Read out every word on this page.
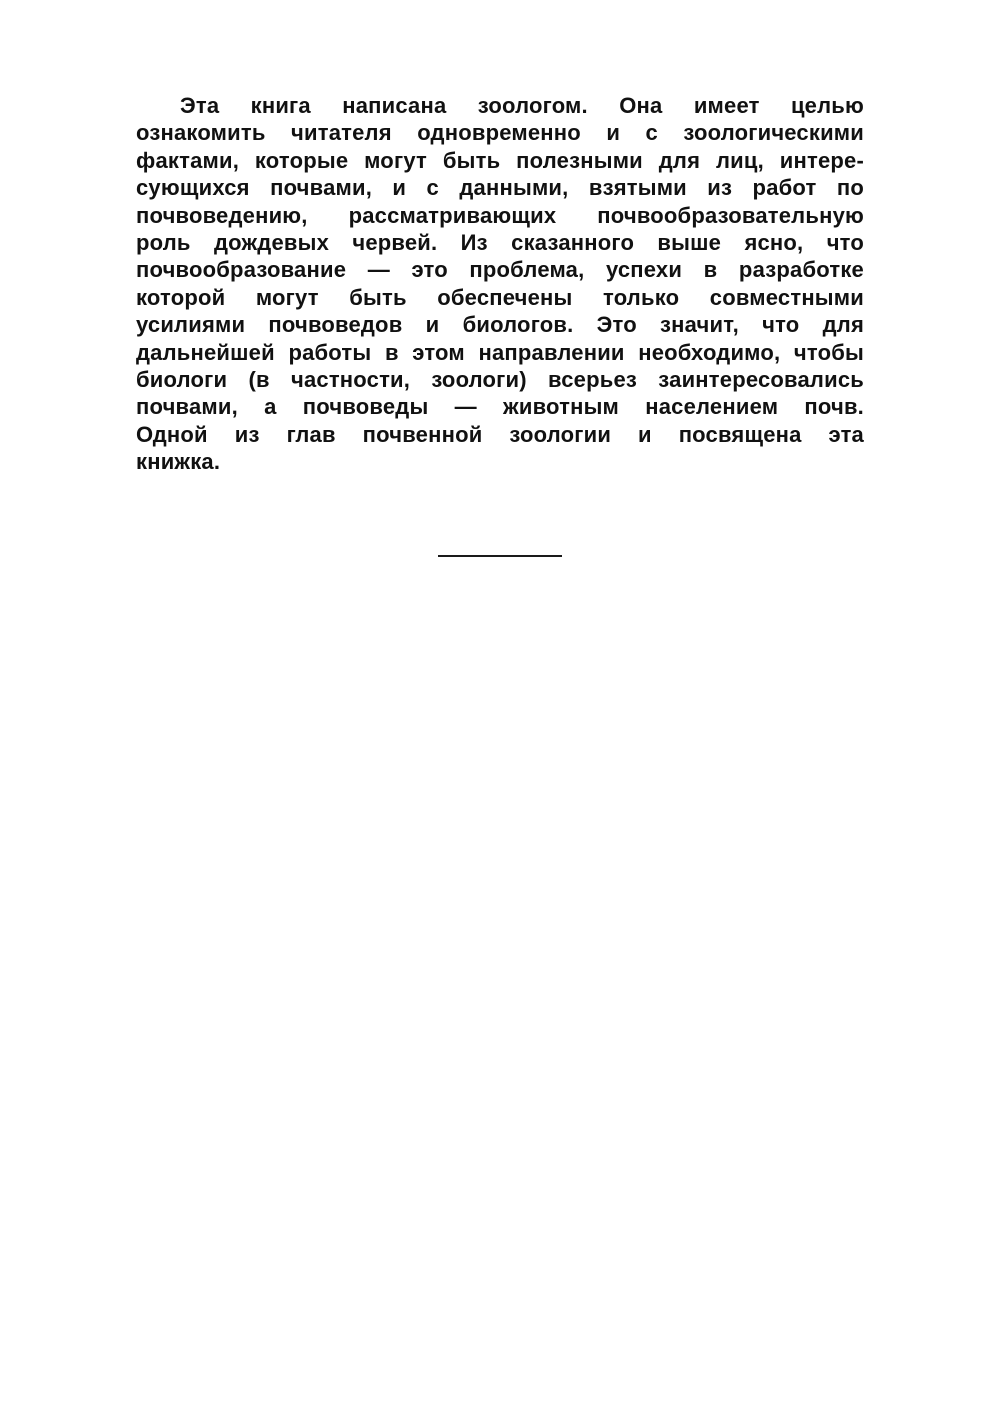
Эта книга написана зоологом. Она имеет целью
ознакомить читателя одновременно и с зоологическими
фактами, которые могут быть полезными для лиц, интере-
сующихся почвами, и с данными, взятыми из работ по
почвоведению, рассматривающих почвообразовательную
роль дождевых червей. Из сказанного выше ясно, что
почвообразование — это проблема, успехи в разработке
которой могут быть обеспечены только совместными
усилиями почвоведов и биологов. Это значит, что для
дальнейшей работы в этом направлении необходимо, чтобы
биологи (в частности, зоологи) всерьез заинтересовались
почвами, а почвоведы — животным населением почв.
Одной из глав почвенной зоологии и посвящена эта
книжка.
